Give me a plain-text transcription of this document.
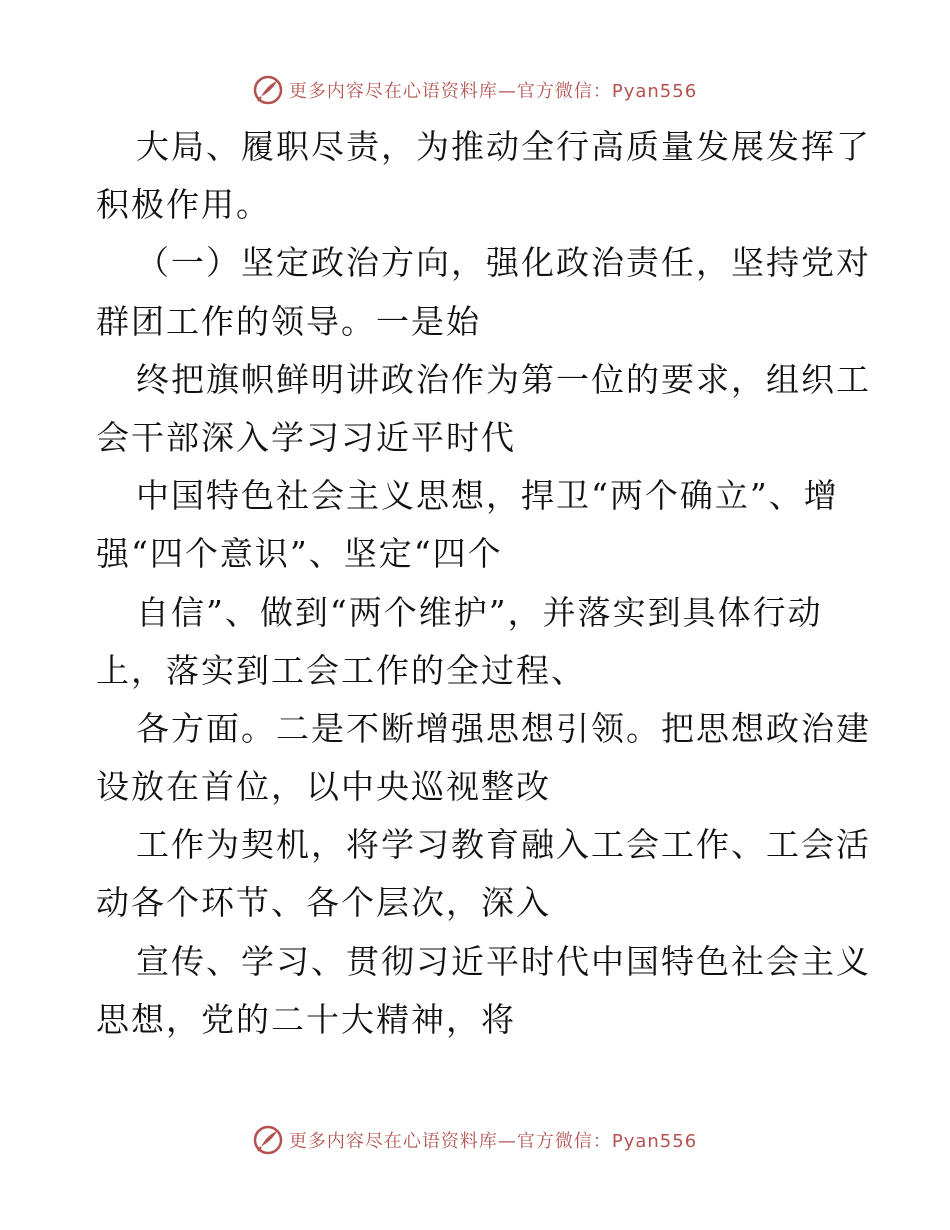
更多内容尽在心语资料库—官方微信：Pyan556
大局、履职尽责，为推动全行高质量发展发挥了
积极作用。
（一）坚定政治方向，强化政治责任，坚持党对
群团工作的领导。一是始
终把旗帜鲜明讲政治作为第一位的要求，组织工
会干部深入学习习近平时代
中国特色社会主义思想，捍卫“两个确立”、增
强“四个意识”、坚定“四个
自信”、做到“两个维护”，并落实到具体行动
上，落实到工会工作的全过程、
各方面。二是不断增强思想引领。把思想政治建
设放在首位，以中央巡视整改
工作为契机，将学习教育融入工会工作、工会活
动各个环节、各个层次，深入
宣传、学习、贯彻习近平时代中国特色社会主义
思想，党的二十大精神，将
更多内容尽在心语资料库—官方微信：Pyan556
